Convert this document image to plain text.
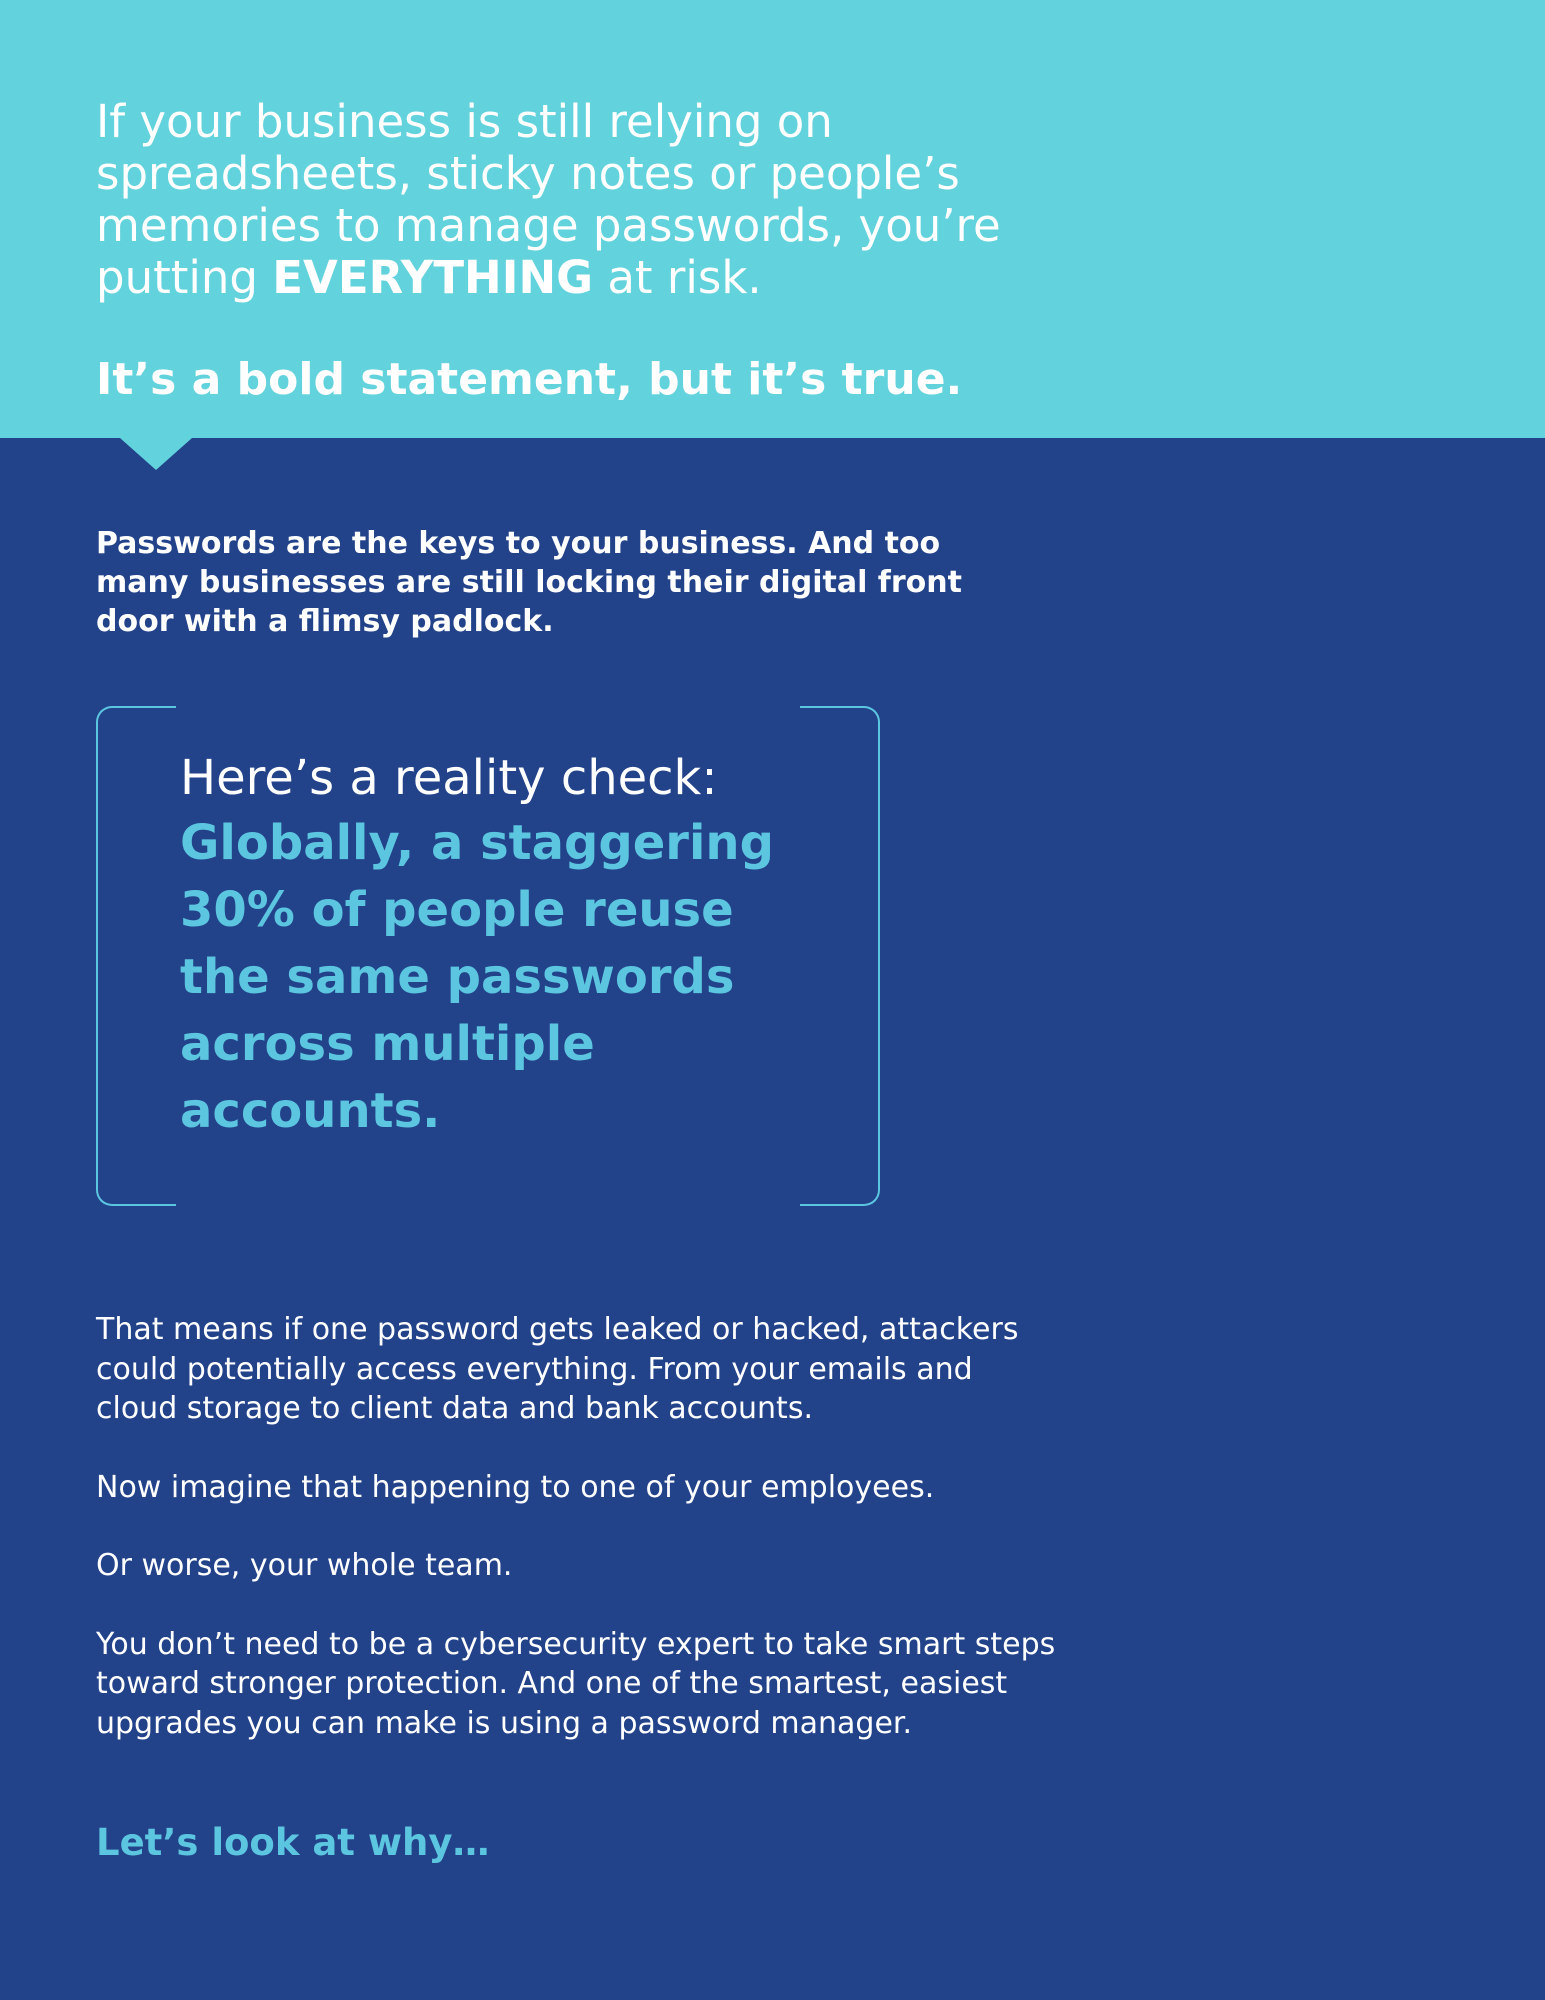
If your business is still relying on spreadsheets, sticky notes or people’s memories to manage passwords, you’re putting EVERYTHING at risk.

It’s a bold statement, but it’s true.

Passwords are the keys to your business. And too many businesses are still locking their digital front door with a flimsy padlock.

Here’s a reality check:
Globally, a staggering 30% of people reuse the same passwords across multiple accounts.

That means if one password gets leaked or hacked, attackers could potentially access everything. From your emails and cloud storage to client data and bank accounts.

Now imagine that happening to one of your employees.

Or worse, your whole team.

You don’t need to be a cybersecurity expert to take smart steps toward stronger protection. And one of the smartest, easiest upgrades you can make is using a password manager.

Let’s look at why…
